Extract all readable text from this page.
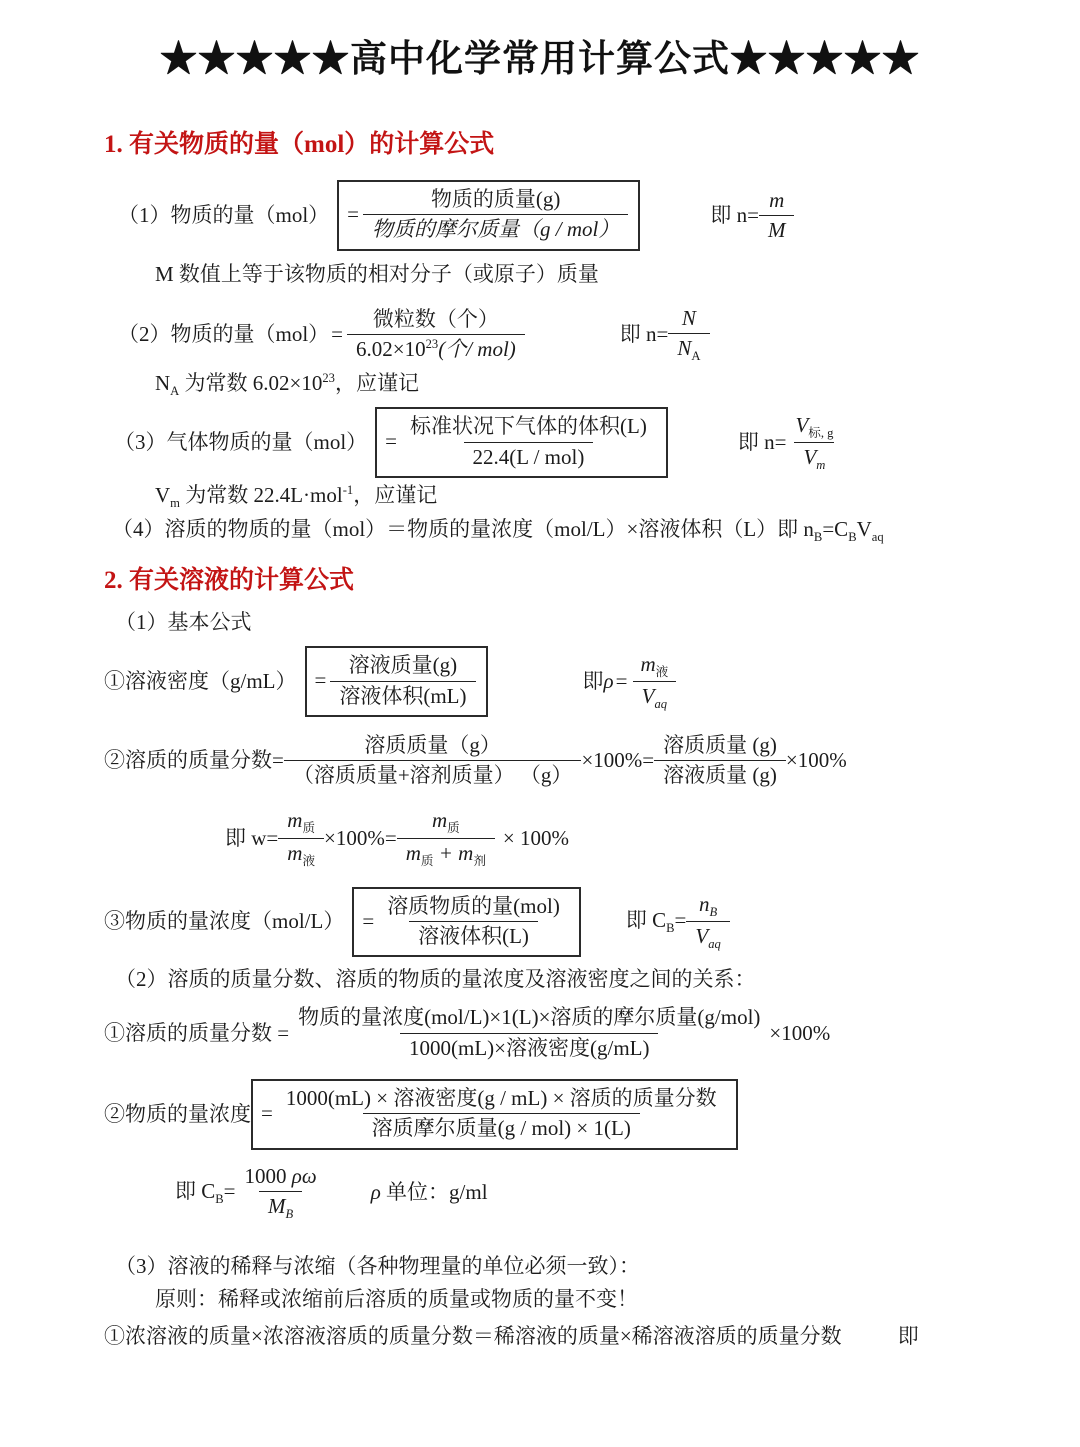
★★★★★高中化学常用计算公式★★★★★
1. 有关物质的量（mol）的计算公式
（1）物质的量$(mol) = \frac{\text{物质的质量(g)}}{\text{物质的摩尔质量（g / mol）}}$	即 $n= \frac{m}{M}$
M 数值上等于该物质的相对分子（或原子）质量
（2）物质的量$(mol) = \frac{\text{微粒数（个）}}{6.02\times 10^{23}(个/ mol)}$	即 $n= \frac{N}{N_A}$
$N_A$ 为常数 $6.02\times 10^{23}$，应谨记
（3）气体物质的量$(mol) = \frac{\text{标准状况下气体的体积(L)}}{\text{22.4(L / mol)}}$	即 $n= \frac{V_{标, g}}{V_m}$
$V_m$ 为常数 22.4L·mol$^{-1}$，应谨记
（4）溶质的物质的量（mol）＝物质的量浓度（mol/L）×溶液体积（L）即 $n_B=C_BV_{aq}$
2. 有关溶液的计算公式
（1）基本公式
①溶液密度$(g/mL) = \frac{\text{溶液质量(g)}}{\text{溶液体积(mL)}}$	即 $\rho = \frac{m_液}{V_{aq}}$
②溶质的质量分数= $\frac{\text{溶质质量（g）}}{\text{（溶质质量+溶剂质量） （g）}} \times 100\%= \frac{\text{溶质质量 (g)}}{\text{溶液质量 (g)}} \times 100\%$
即 $w= \frac{m_质}{m_液} \times 100\%= \frac{m_质}{m_质 + m_剂} \times 100\%$
③物质的量浓度$(mol/L) = \frac{\text{溶质物质的量(mol)}}{\text{溶液体积(L)}}$	即 $C_B= \frac{n_B}{V_{aq}}$
（2）溶质的质量分数、溶质的物质的量浓度及溶液密度之间的关系：
①溶质的质量分数 = $\frac{\text{物质的量浓度(mol/L)×1(L)×溶质的摩尔质量(g/mol)}}{\text{1000(mL)×溶液密度(g/mL)}} \times 100\%$
②物质的量浓度 = $\frac{\text{1000(mL) × 溶液密度(g / mL) × 溶质的质量分数}}{\text{溶质摩尔质量(g / mol) × 1(L)}}$
即 $C_B= \frac{1000 \rho\omega}{M_B}$ ρ 单位：g/ml
（3）溶液的稀释与浓缩（各种物理量的单位必须一致）：
原则：稀释或浓缩前后溶质的质量或物质的量不变！
①浓溶液的质量×浓溶液溶质的质量分数＝稀溶液的质量×稀溶液溶质的质量分数	即
